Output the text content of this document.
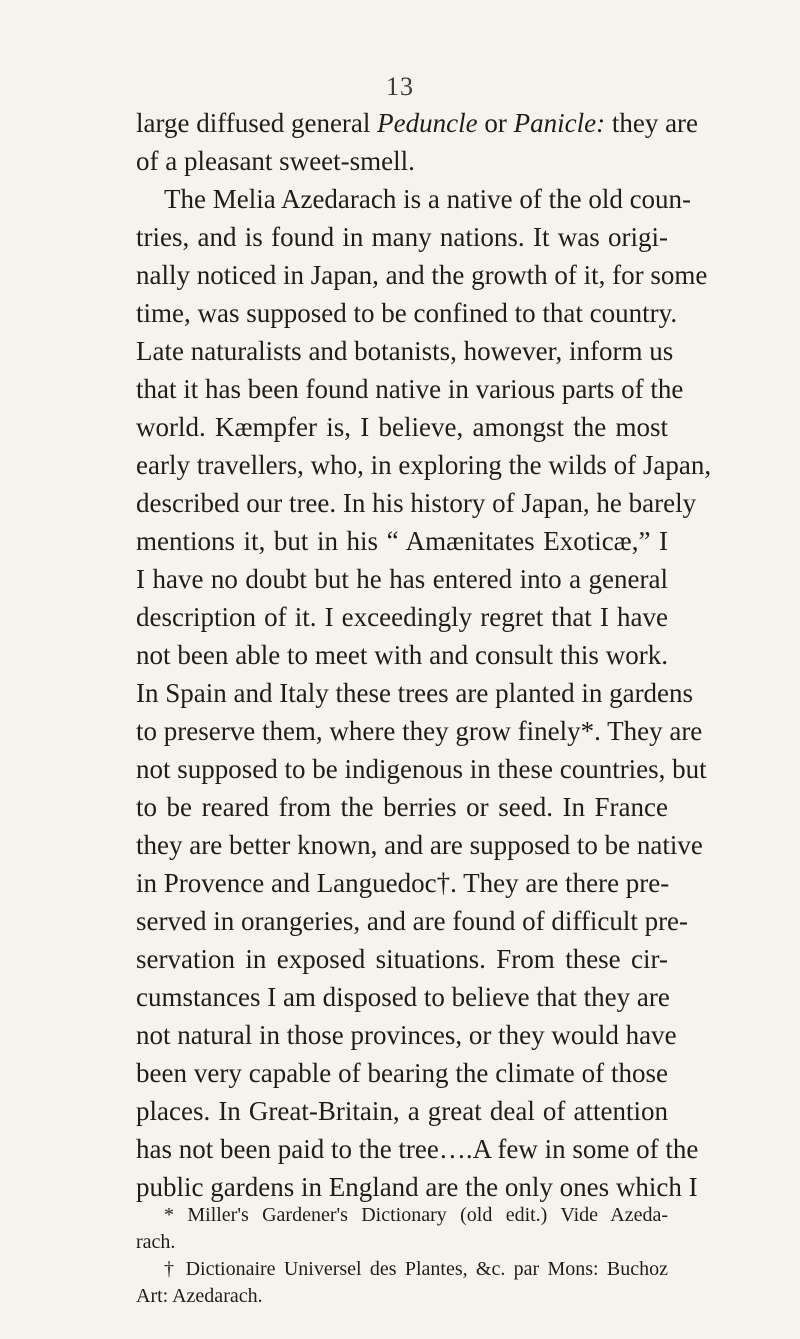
13
large diffused general Peduncle or Panicle: they are
of a pleasant sweet-smell.
The Melia Azedarach is a native of the old coun-
tries, and is found in many nations. It was origi-
nally noticed in Japan, and the growth of it, for some
time, was supposed to be confined to that country.
Late naturalists and botanists, however, inform us
that it has been found native in various parts of the
world. Kæmpfer is, I believe, amongst the most
early travellers, who, in exploring the wilds of Japan,
described our tree. In his history of Japan, he barely
mentions it, but in his “ Amænitates Exoticæ,” I
I have no doubt but he has entered into a general
description of it. I exceedingly regret that I have
not been able to meet with and consult this work.
In Spain and Italy these trees are planted in gardens
to preserve them, where they grow finely*. They are
not supposed to be indigenous in these countries, but
to be reared from the berries or seed. In France
they are better known, and are supposed to be native
in Provence and Languedoc†. They are there pre-
served in orangeries, and are found of difficult pre-
servation in exposed situations. From these cir-
cumstances I am disposed to believe that they are
not natural in those provinces, or they would have
been very capable of bearing the climate of those
places. In Great-Britain, a great deal of attention
has not been paid to the tree….A few in some of the
public gardens in England are the only ones which I
* Miller's Gardener's Dictionary (old edit.) Vide Azeda-
rach.
† Dictionaire Universel des Plantes, &c. par Mons: Buchoz
Art: Azedarach.
